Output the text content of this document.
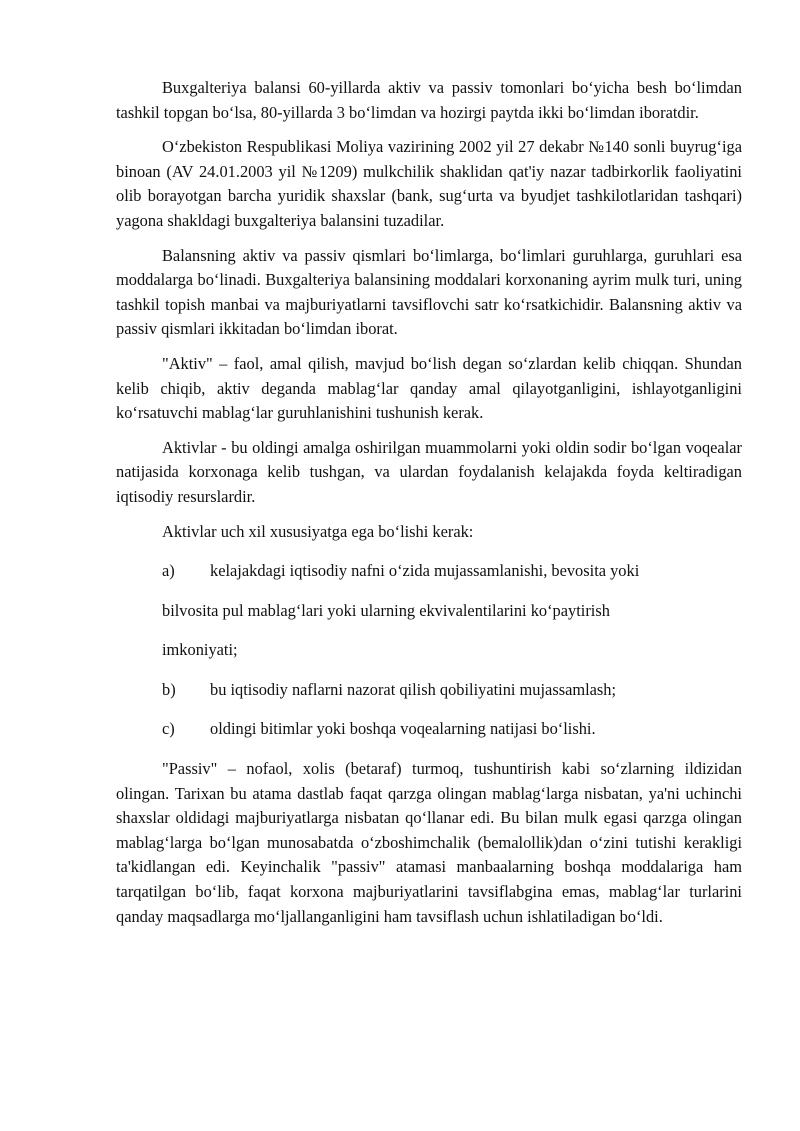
Buxgalteriya balansi 60-yillarda aktiv va passiv tomonlari bo‘yicha besh bo‘limdan tashkil topgan bo‘lsa, 80-yillarda 3 bo‘limdan va hozirgi paytda ikki bo‘limdan iboratdir.

O‘zbekiston Respublikasi Moliya vazirining 2002 yil 27 dekabr №140 sonli buyrug‘iga binoan (AV 24.01.2003 yil №1209) mulkchilik shaklidan qat'iy nazar tadbirkorlik faoliyatini olib borayotgan barcha yuridik shaxslar (bank, sug‘urta va byudjet tashkilotlaridan tashqari) yagona shakldagi buxgalteriya balansini tuzadilar.

Balansning aktiv va passiv qismlari bo‘limlarga, bo‘limlari guruhlarga, guruhlari esa moddalarga bo‘linadi. Buxgalteriya balansining moddalari korxonaning ayrim mulk turi, uning tashkil topish manbai va majburiyatlarni tavsiflovchi satr ko‘rsatkichidir. Balansning aktiv va passiv qismlari ikkitadan bo‘limdan iborat.

"Aktiv" – faol, amal qilish, mavjud bo‘lish degan so‘zlardan kelib chiqqan. Shundan kelib chiqib, aktiv deganda mablag‘lar qanday amal qilayotganligini, ishlayotganligini ko‘rsatuvchi mablag‘lar guruhlanishini tushunish kerak.

Aktivlar - bu oldingi amalga oshirilgan muammolarni yoki oldin sodir bo‘lgan voqealar natijasida korxonaga kelib tushgan, va ulardan foydalanish kelajakda foyda keltiradigan iqtisodiy resurslardir.

Aktivlar uch xil xususiyatga ega bo‘lishi kerak:

a)	kelajakdagi iqtisodiy nafni o‘zida mujassamlanishi, bevosita yoki

bilvosita pul mablag‘lari yoki ularning ekvivalentilarini ko‘paytirish

imkoniyati;

b)	bu iqtisodiy naflarni nazorat qilish qobiliyatini mujassamlash;
c)	oldingi bitimlar yoki boshqa voqealarning natijasi bo‘lishi.

"Passiv" – nofaol, xolis (betaraf) turmoq, tushuntirish kabi so‘zlarning ildizidan olingan. Tarixan bu atama dastlab faqat qarzga olingan mablag‘larga nisbatan, ya'ni uchinchi shaxslar oldidagi majburiyatlarga nisbatan qo‘llanar edi. Bu bilan mulk egasi qarzga olingan mablag‘larga bo‘lgan munosabatda o‘zboshimchalik (bemalollik)dan o‘zini tutishi kerakligi ta'kidlangan edi. Keyinchalik "passiv" atamasi manbaalarning boshqa moddalariga ham tarqatilgan bo‘lib, faqat korxona majburiyatlarini tavsiflabgina emas, mablag‘lar turlarini qanday maqsadlarga mo‘ljallanganligini ham tavsiflash uchun ishlatiladigan bo‘ldi.
